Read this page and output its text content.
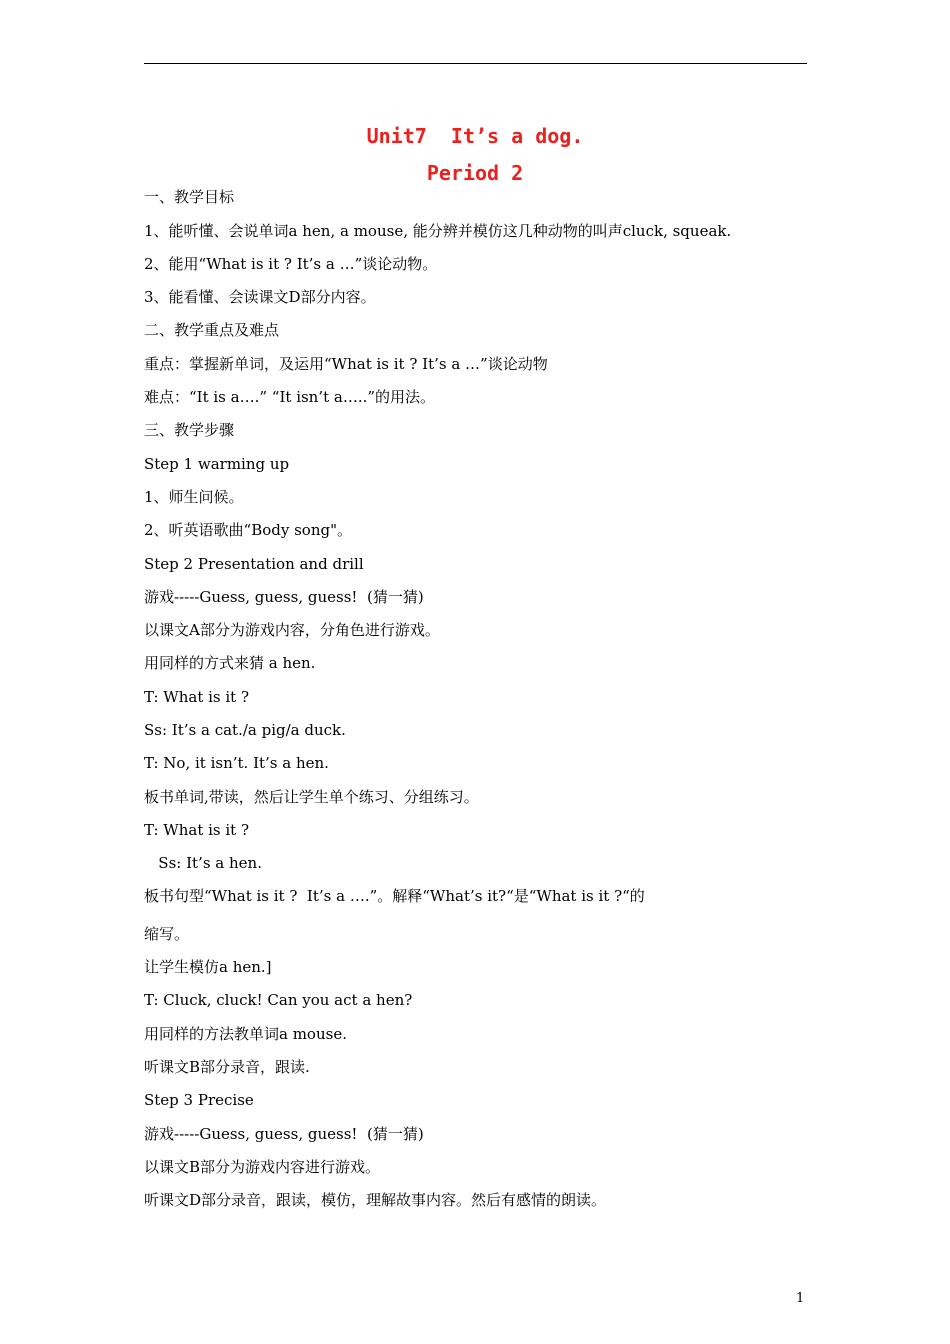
Unit7  It’s a dog.
Period 2
一、教学目标
1、能听懂、会说单词a hen, a mouse, 能分辨并模仿这几种动物的叫声cluck, squeak.
2、能用“What is it ? It’s a …”谈论动物。
3、能看懂、会读课文D部分内容。
二、教学重点及难点
重点：掌握新单词，及运用“What is it ? It’s a …”谈论动物
难点：“It is a….” “It isn’t a…..”的用法。
三、教学步骤
Step 1 warming up
1、师生问候。
2、听英语歌曲“Body song"。
Step 2 Presentation and drill
游戏-----Guess, guess, guess!  (猜一猜)
以课文A部分为游戏内容，分角色进行游戏。
用同样的方式来猜 a hen.
T: What is it ?
Ss: It’s a cat./a pig/a duck.
T: No, it isn’t. It’s a hen.
板书单词,带读，然后让学生单个练习、分组练习。
T: What is it ?
Ss: It’s a hen.
板书句型“What is it ?  It’s a ….”。解释“What’s it?“是“What is it ?“的
缩写。
让学生模仿a hen.]
T: Cluck, cluck! Can you act a hen?
用同样的方法教单词a mouse.
听课文B部分录音，跟读.
Step 3 Precise
游戏-----Guess, guess, guess!  (猜一猜)
以课文B部分为游戏内容进行游戏。
听课文D部分录音，跟读，模仿，理解故事内容。然后有感情的朗读。
1
